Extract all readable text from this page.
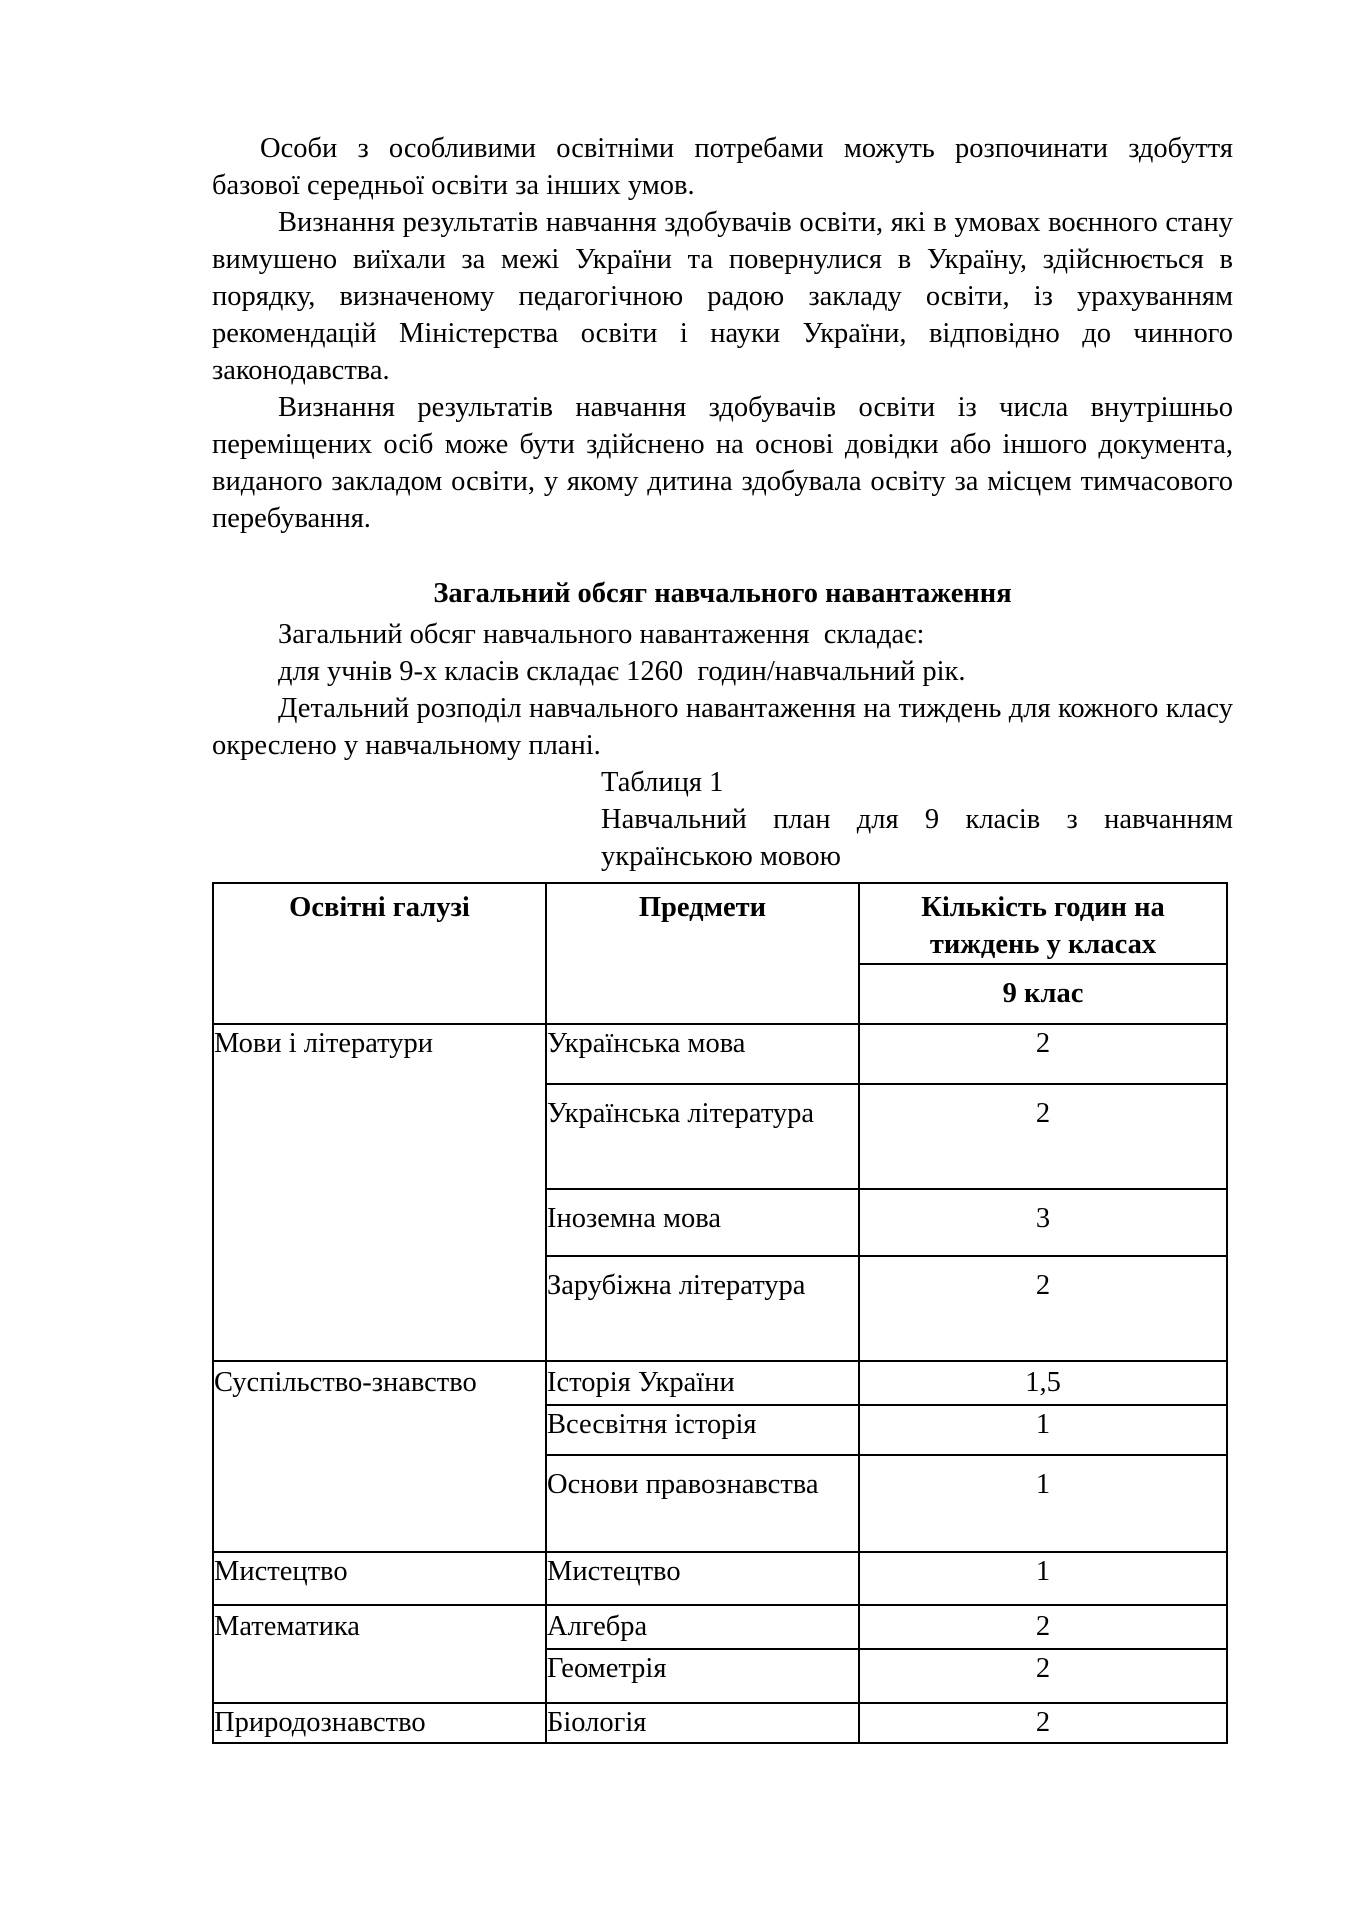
Особи з особливими освітніми потребами можуть розпочинати здобуття базової середньої освіти за інших умов.

Визнання результатів навчання здобувачів освіти, які в умовах воєнного стану вимушено виїхали за межі України та повернулися в Україну, здійснюється в порядку, визначеному педагогічною радою закладу освіти, із урахуванням рекомендацій Міністерства освіти і науки України, відповідно до чинного законодавства.

Визнання результатів навчання здобувачів освіти із числа внутрішньо переміщених осіб може бути здійснено на основі довідки або іншого документа, виданого закладом освіти, у якому дитина здобувала освіту за місцем тимчасового перебування.

Загальний обсяг навчального навантаження

Загальний обсяг навчального навантаження  складає:

для учнів 9-х класів складає 1260  годин/навчальний рік.

Детальний розподіл навчального навантаження на тиждень для кожного класу окреслено у навчальному плані.

Таблиця 1
Навчальний план для 9 класів з навчанням
українською мовою
Освітні галузі	Предмети	Кількість годин на тиждень у класах
		9 клас
Мови і літератури	Українська мова	2
	Українська література	2
	Іноземна мова	3
	Зарубіжна література	2
Суспільство-знавство	Історія України	1,5
	Всесвітня історія	1
	Основи правознавства	1
Мистецтво	Мистецтво	1
Математика	Алгебра	2
	Геометрія	2
Природознавство	Біологія	2
